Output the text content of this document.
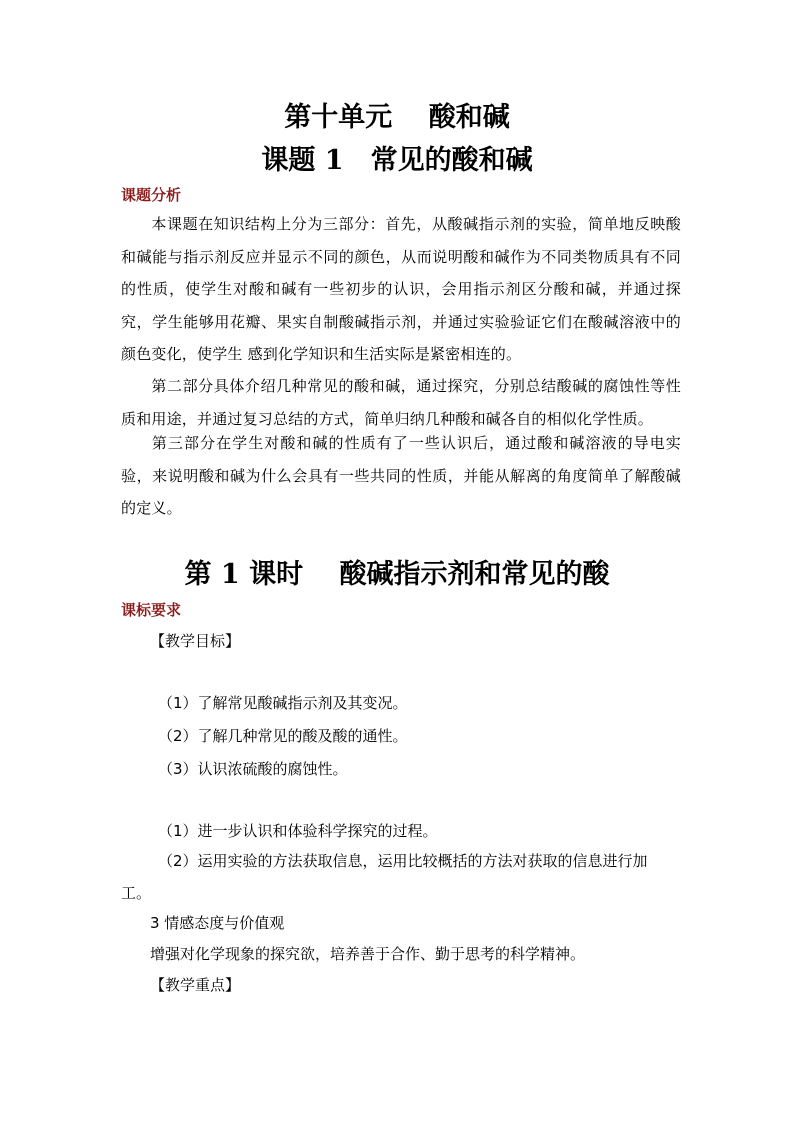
第十单元　 酸和碱
课题 1　常见的酸和碱
课题分析
本课题在知识结构上分为三部分：首先，从酸碱指示剂的实验，简单地反映酸和碱能与指示剂反应并显示不同的颜色，从而说明酸和碱作为不同类物质具有不同的性质，使学生对酸和碱有一些初步的认识，会用指示剂区分酸和碱，并通过探究，学生能够用花瓣、果实自制酸碱指示剂，并通过实验验证它们在酸碱溶液中的颜色变化，使学生 感到化学知识和生活实际是紧密相连的。
第二部分具体介绍几种常见的酸和碱，通过探究，分别总结酸碱的腐蚀性等性质和用途，并通过复习总结的方式，简单归纳几种酸和碱各自的相似化学性质。
第三部分在学生对酸和碱的性质有了一些认识后，通过酸和碱溶液的导电实验，来说明酸和碱为什么会具有一些共同的性质，并能从解离的角度简单了解酸碱的定义。
第 1 课时　 酸碱指示剂和常见的酸
课标要求
【教学目标】
（1）了解常见酸碱指示剂及其变况。
（2）了解几种常见的酸及酸的通性。
（3）认识浓硫酸的腐蚀性。
（1）进一步认识和体验科学探究的过程。
（2）运用实验的方法获取信息，运用比较概括的方法对获取的信息进行加
工。
3 情感态度与价值观
增强对化学现象的探究欲，培养善于合作、勤于思考的科学精神。
【教学重点】
